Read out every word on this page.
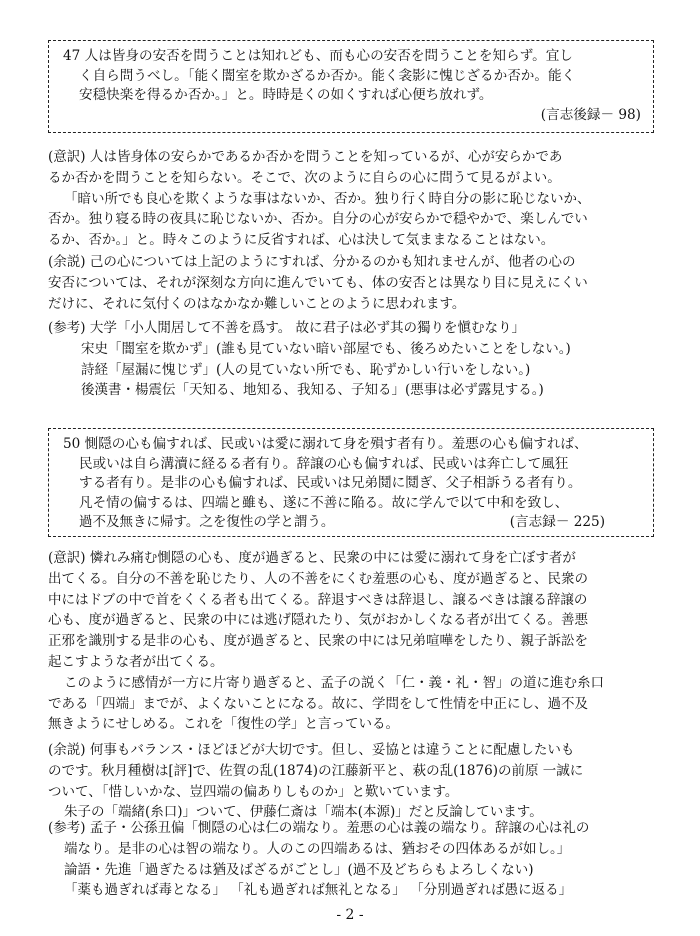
47 人は皆身の安否を問うことは知れども、而も心の安否を問うことを知らず。宜し
く自ら問うべし。「能く闇室を欺かざるか否か。能く衾影に愧じざるか否か。能く
安穏快楽を得るか否か。」と。時時是くの如くすれば心便ち放れず。
(言志後録－ 98)
(意訳) 人は皆身体の安らかであるか否かを問うことを知っているが、心が安らかであ
るか否かを問うことを知らない。そこで、次のように自らの心に問うて見るがよい。
「暗い所でも良心を欺くような事はないか、否か。独り行く時自分の影に恥じないか、
否か。独り寝る時の夜具に恥じないか、否か。自分の心が安らかで穏やかで、楽しんでい
るか、否か。」と。時々このように反省すれば、心は決して気ままなることはない。
(余説) 己の心については上記のようにすれば、分かるのかも知れませんが、他者の心の
安否については、それが深刻な方向に進んでいても、体の安否とは異なり目に見えにくい
だけに、それに気付くのはなかなか難しいことのように思われます。
(参考) 大学「小人閒居して不善を爲す。 故に君子は必ず其の獨りを愼むなり」
宋史「闇室を欺かず」(誰も見ていない暗い部屋でも、後ろめたいことをしない。)
詩経「屋漏に愧じず」(人の見ていない所でも、恥ずかしい行いをしない。)
後漢書・楊震伝「天知る、地知る、我知る、子知る」(悪事は必ず露見する。)
50 惻隠の心も偏すれば、民或いは愛に溺れて身を殞す者有り。羞悪の心も偏すれば、
民或いは自ら溝瀆に経るる者有り。辞譲の心も偏すれば、民或いは奔亡して風狂
する者有り。是非の心も偏すれば、民或いは兄弟鬩に鬩ぎ、父子相訴うる者有り。
凡そ情の偏するは、四端と雖も、遂に不善に陥る。故に学んで以て中和を致し、
過不及無きに帰す。之を復性の学と謂う。	(言志録－ 225)
(意訳) 憐れみ痛む惻隠の心も、度が過ぎると、民衆の中には愛に溺れて身を亡ぼす者が
出てくる。自分の不善を恥じたり、人の不善をにくむ羞悪の心も、度が過ぎると、民衆の
中にはドブの中で首をくくる者も出てくる。辞退すべきは辞退し、譲るべきは譲る辞譲の
心も、度が過ぎると、民衆の中には逃げ隠れたり、気がおかしくなる者が出てくる。善悪
正邪を識別する是非の心も、度が過ぎると、民衆の中には兄弟喧嘩をしたり、親子訴訟を
起こすような者が出てくる。
このように感情が一方に片寄り過ぎると、孟子の説く「仁・義・礼・智」の道に進む糸口
である「四端」までが、よくないことになる。故に、学問をして性情を中正にし、過不及
無きようにせしめる。これを「復性の学」と言っている。
(余説) 何事もバランス・ほどほどが大切です。但し、妥協とは違うことに配慮したいも
のです。秋月種樹は[評]で、佐賀の乱(1874)の江藤新平と、萩の乱(1876)の前原 一誠に
ついて、「惜しいかな、豈四端の偏ありしものか」と歎いています。
朱子の「端緒(糸口)」ついて、伊藤仁斎は「端本(本源)」だと反論しています。
(参考) 孟子・公孫丑偏「惻隠の心は仁の端なり。羞悪の心は義の端なり。辞譲の心は礼の
端なり。是非の心は智の端なり。人のこの四端あるは、猶おその四体あるが如し。」
論語・先進「過ぎたるは猶及ばざるがごとし」(過不及どちらもよろしくない)
「薬も過ぎれば毒となる」 「礼も過ぎれば無礼となる」 「分別過ぎれば愚に返る」
- 2 -
